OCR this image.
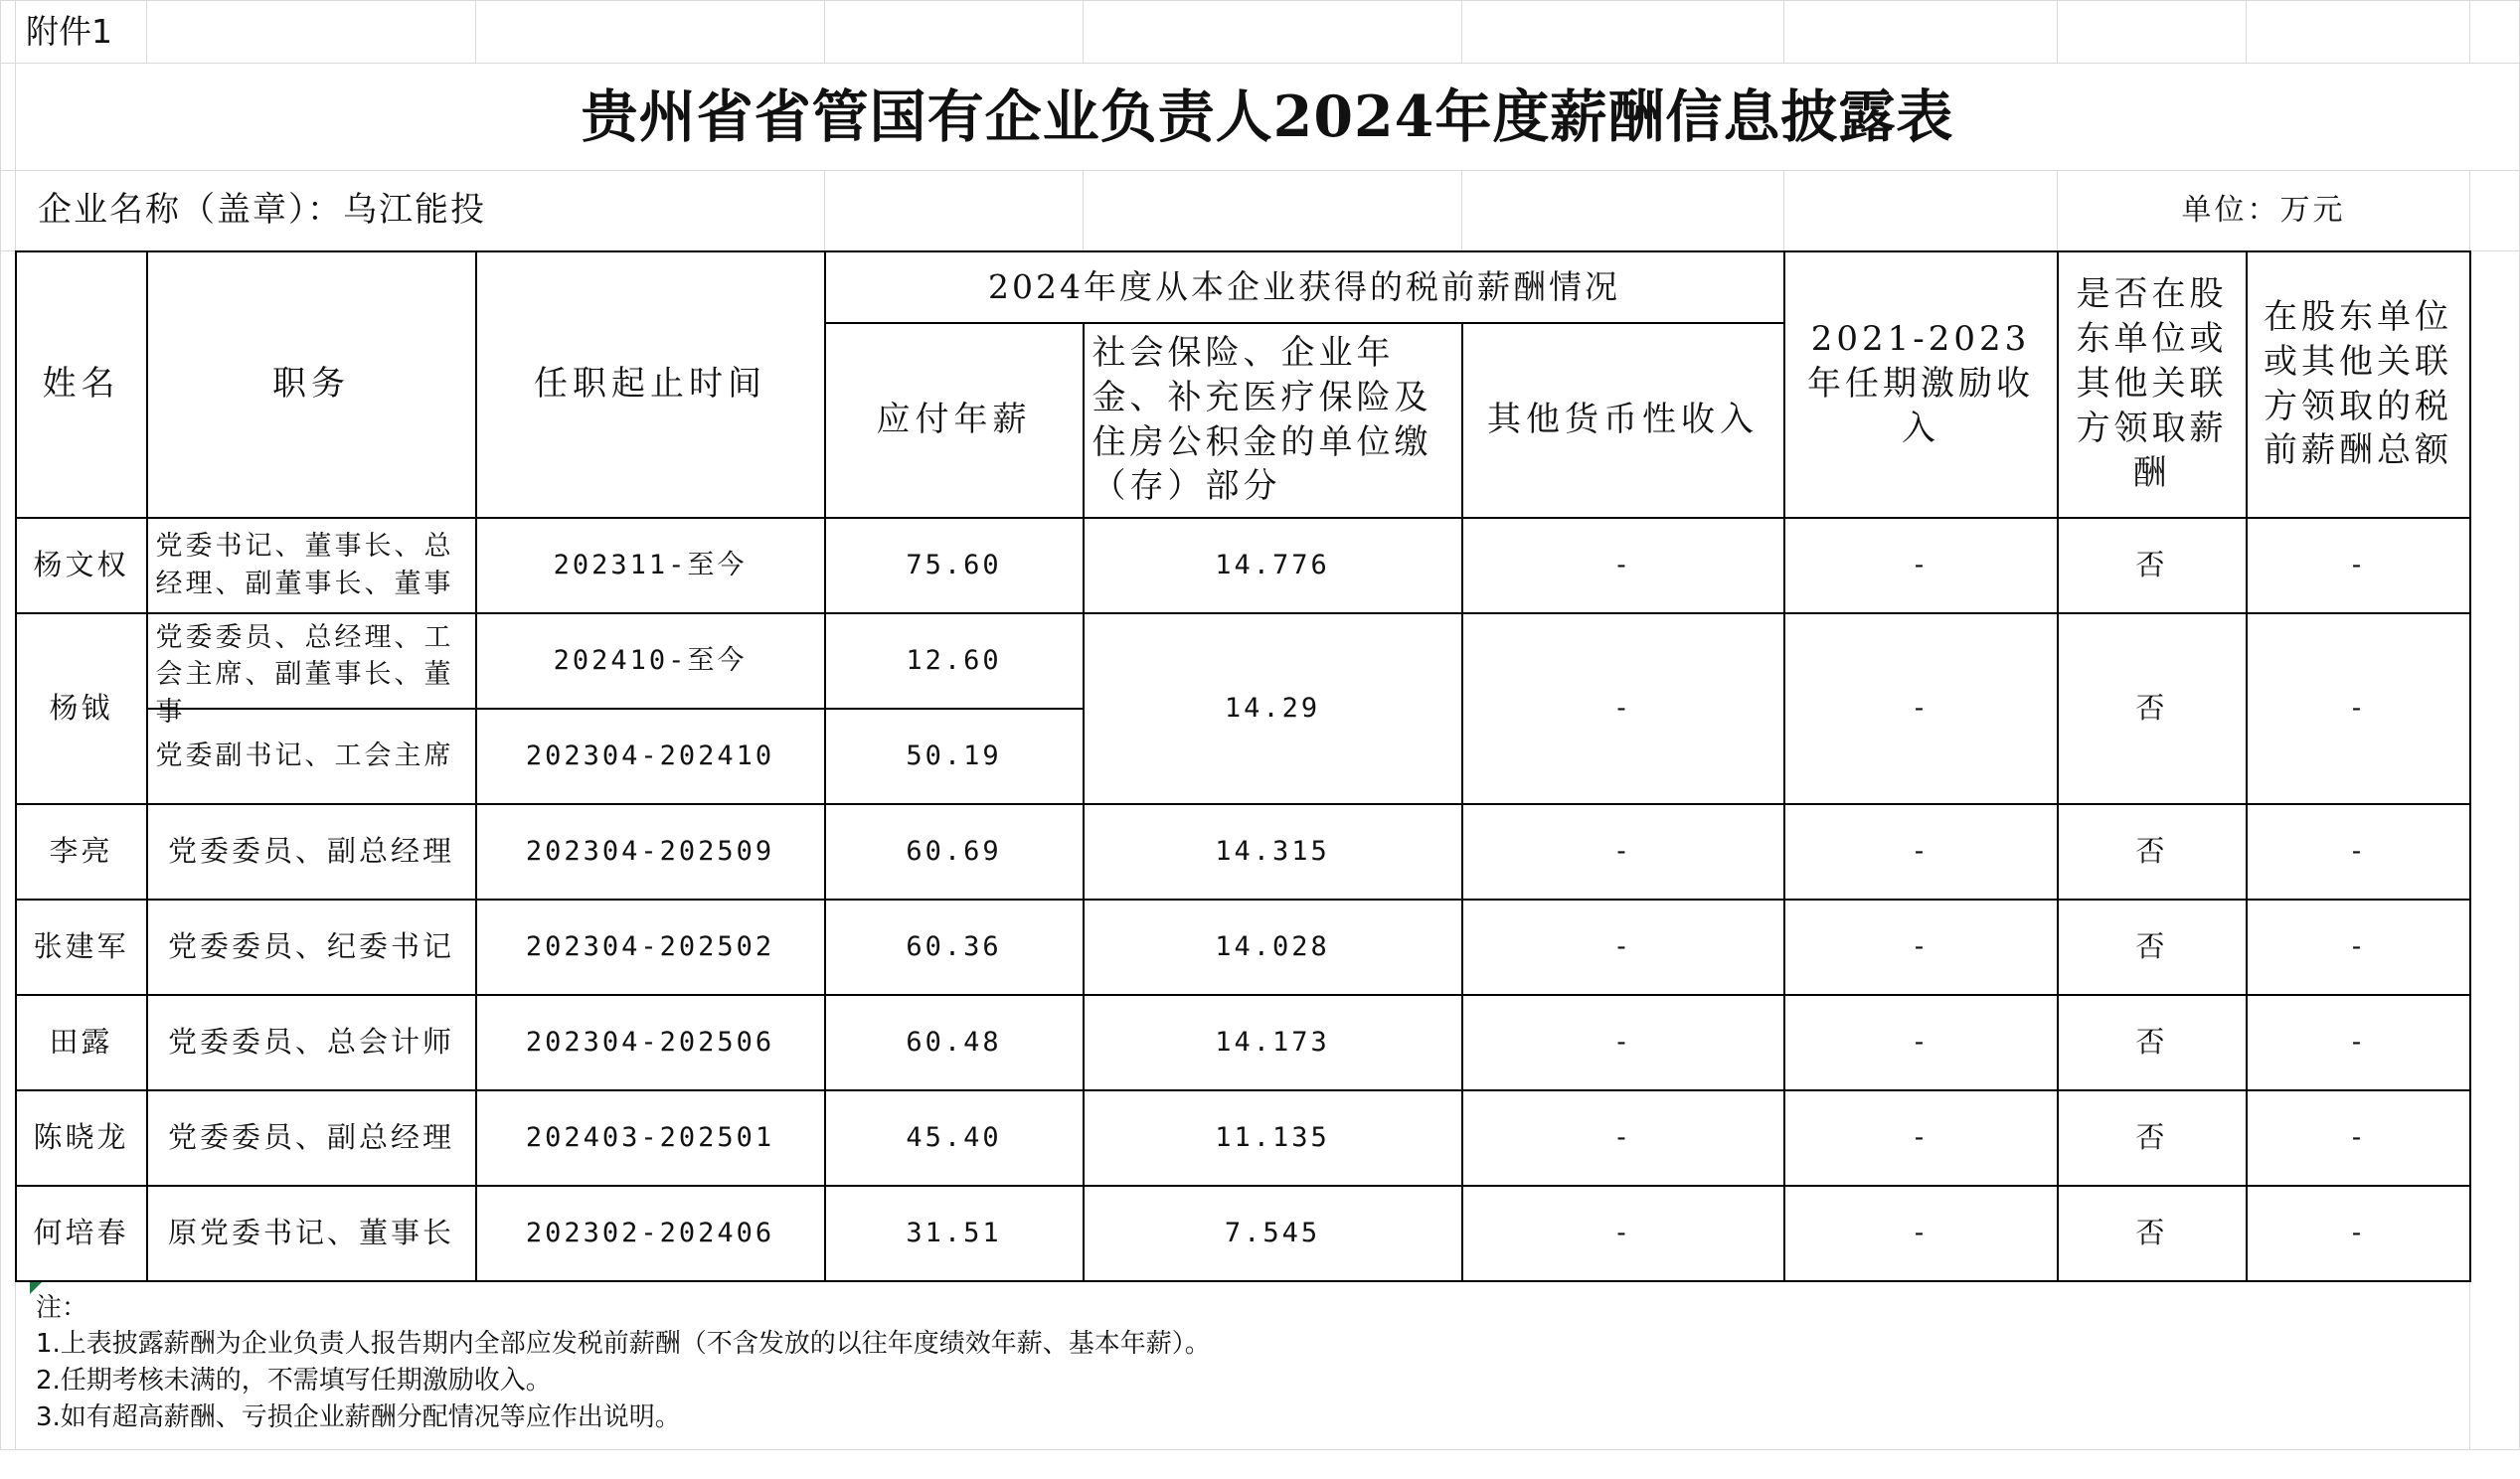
	附件1									
	贵州省省管国有企业负责人2024年度薪酬信息披露表									
	企业名称（盖章）：乌江能投							单位：万元		
	姓名	职务	任职起止时间	2024年度从本企业获得的税前薪酬情况			2021-2023年任期激励收入	是否在股东单位或其他关联方领取薪酬	在股东单位或其他关联方领取的税前薪酬总额	
				应付年薪	社会保险、企业年金、补充医疗保险及住房公积金的单位缴（存）部分	其他货币性收入				
	杨文权	党委书记、董事长、总经理、副董事长、董事	202311-至今	75.60	14.776	-	-	否	-	
	杨钺	党委委员、总经理、工会主席、副董事长、董事	202410-至今	12.60	14.29	-	-	否	-	

		党委副书记、工会主席	202304-202410	50.19						
	李亮	党委委员、副总经理	202304-202509	60.69	14.315	-	-	否	-	
	张建军	党委委员、纪委书记	202304-202502	60.36	14.028	-	-	否	-	
	田露	党委委员、总会计师	202304-202506	60.48	14.173	-	-	否	-	
	陈晓龙	党委委员、副总经理	202403-202501	45.40	11.135	-	-	否	-	
	何培春	原党委书记、董事长	202302-202406	31.51	7.545	-	-	否	-	

	注：
1.上表披露薪酬为企业负责人报告期内全部应发税前薪酬（不含发放的以往年度绩效年薪、基本年薪）。
2.任期考核未满的，不需填写任期激励收入。
3.如有超高薪酬、亏损企业薪酬分配情况等应作出说明。									
